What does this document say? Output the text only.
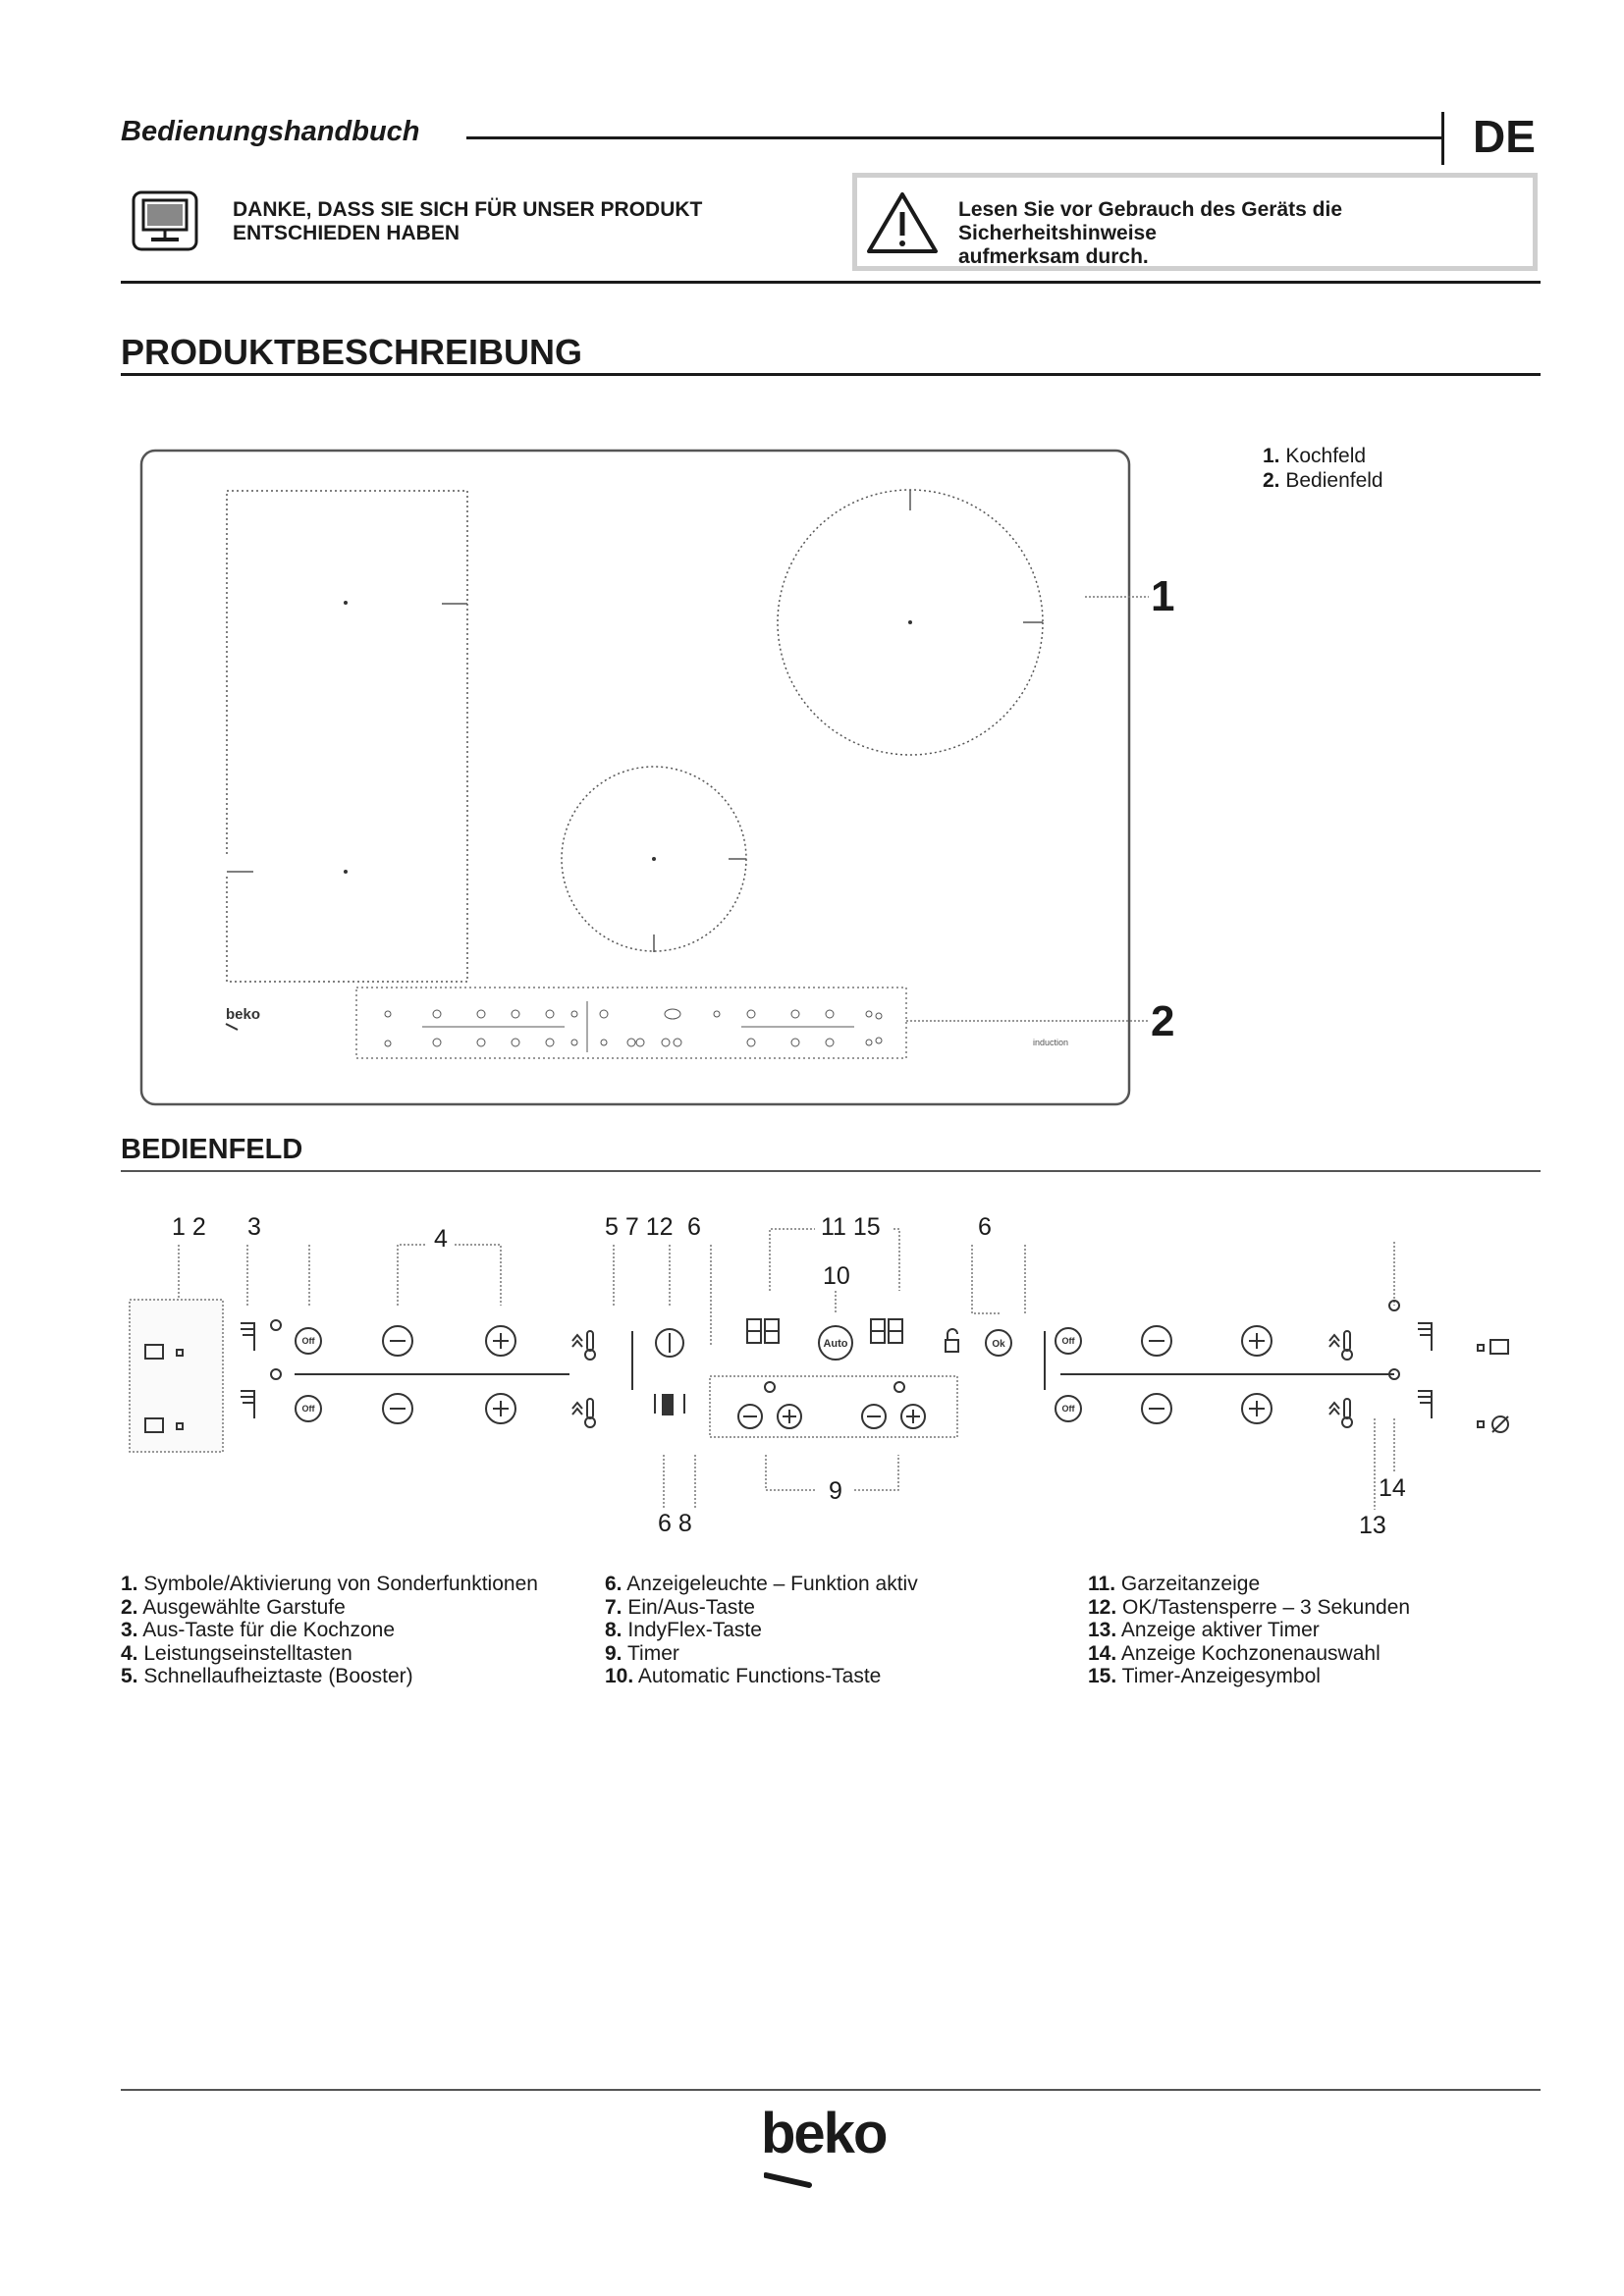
Bedienungshandbuch	DE
DANKE, DASS SIE SICH FÜR UNSER PRODUKT
ENTSCHIEDEN HABEN
Lesen Sie vor Gebrauch des Geräts die Sicherheitshinweise
aufmerksam durch.
PRODUKTBESCHREIBUNG
1. Kochfeld
2. Bedienfeld
1
2
beko
induction
BEDIENFELD
1 2 3	4	5 7 12 6	11 15
10
6
9
6 8
14
13
Off
Off
Off
Off
Auto	Ok
1. Symbole/Aktivierung von Sonderfunktionen
2. Ausgewählte Garstufe
3. Aus-Taste für die Kochzone
4. Leistungseinstelltasten
5. Schnellaufheiztaste (Booster)
6. Anzeigeleuchte – Funktion aktiv
7. Ein/Aus-Taste
8. IndyFlex-Taste
9. Timer
10. Automatic Functions-Taste
11. Garzeitanzeige
12. OK/Tastensperre – 3 Sekunden
13. Anzeige aktiver Timer
14. Anzeige Kochzonenauswahl
15. Timer-Anzeigesymbol
beko
